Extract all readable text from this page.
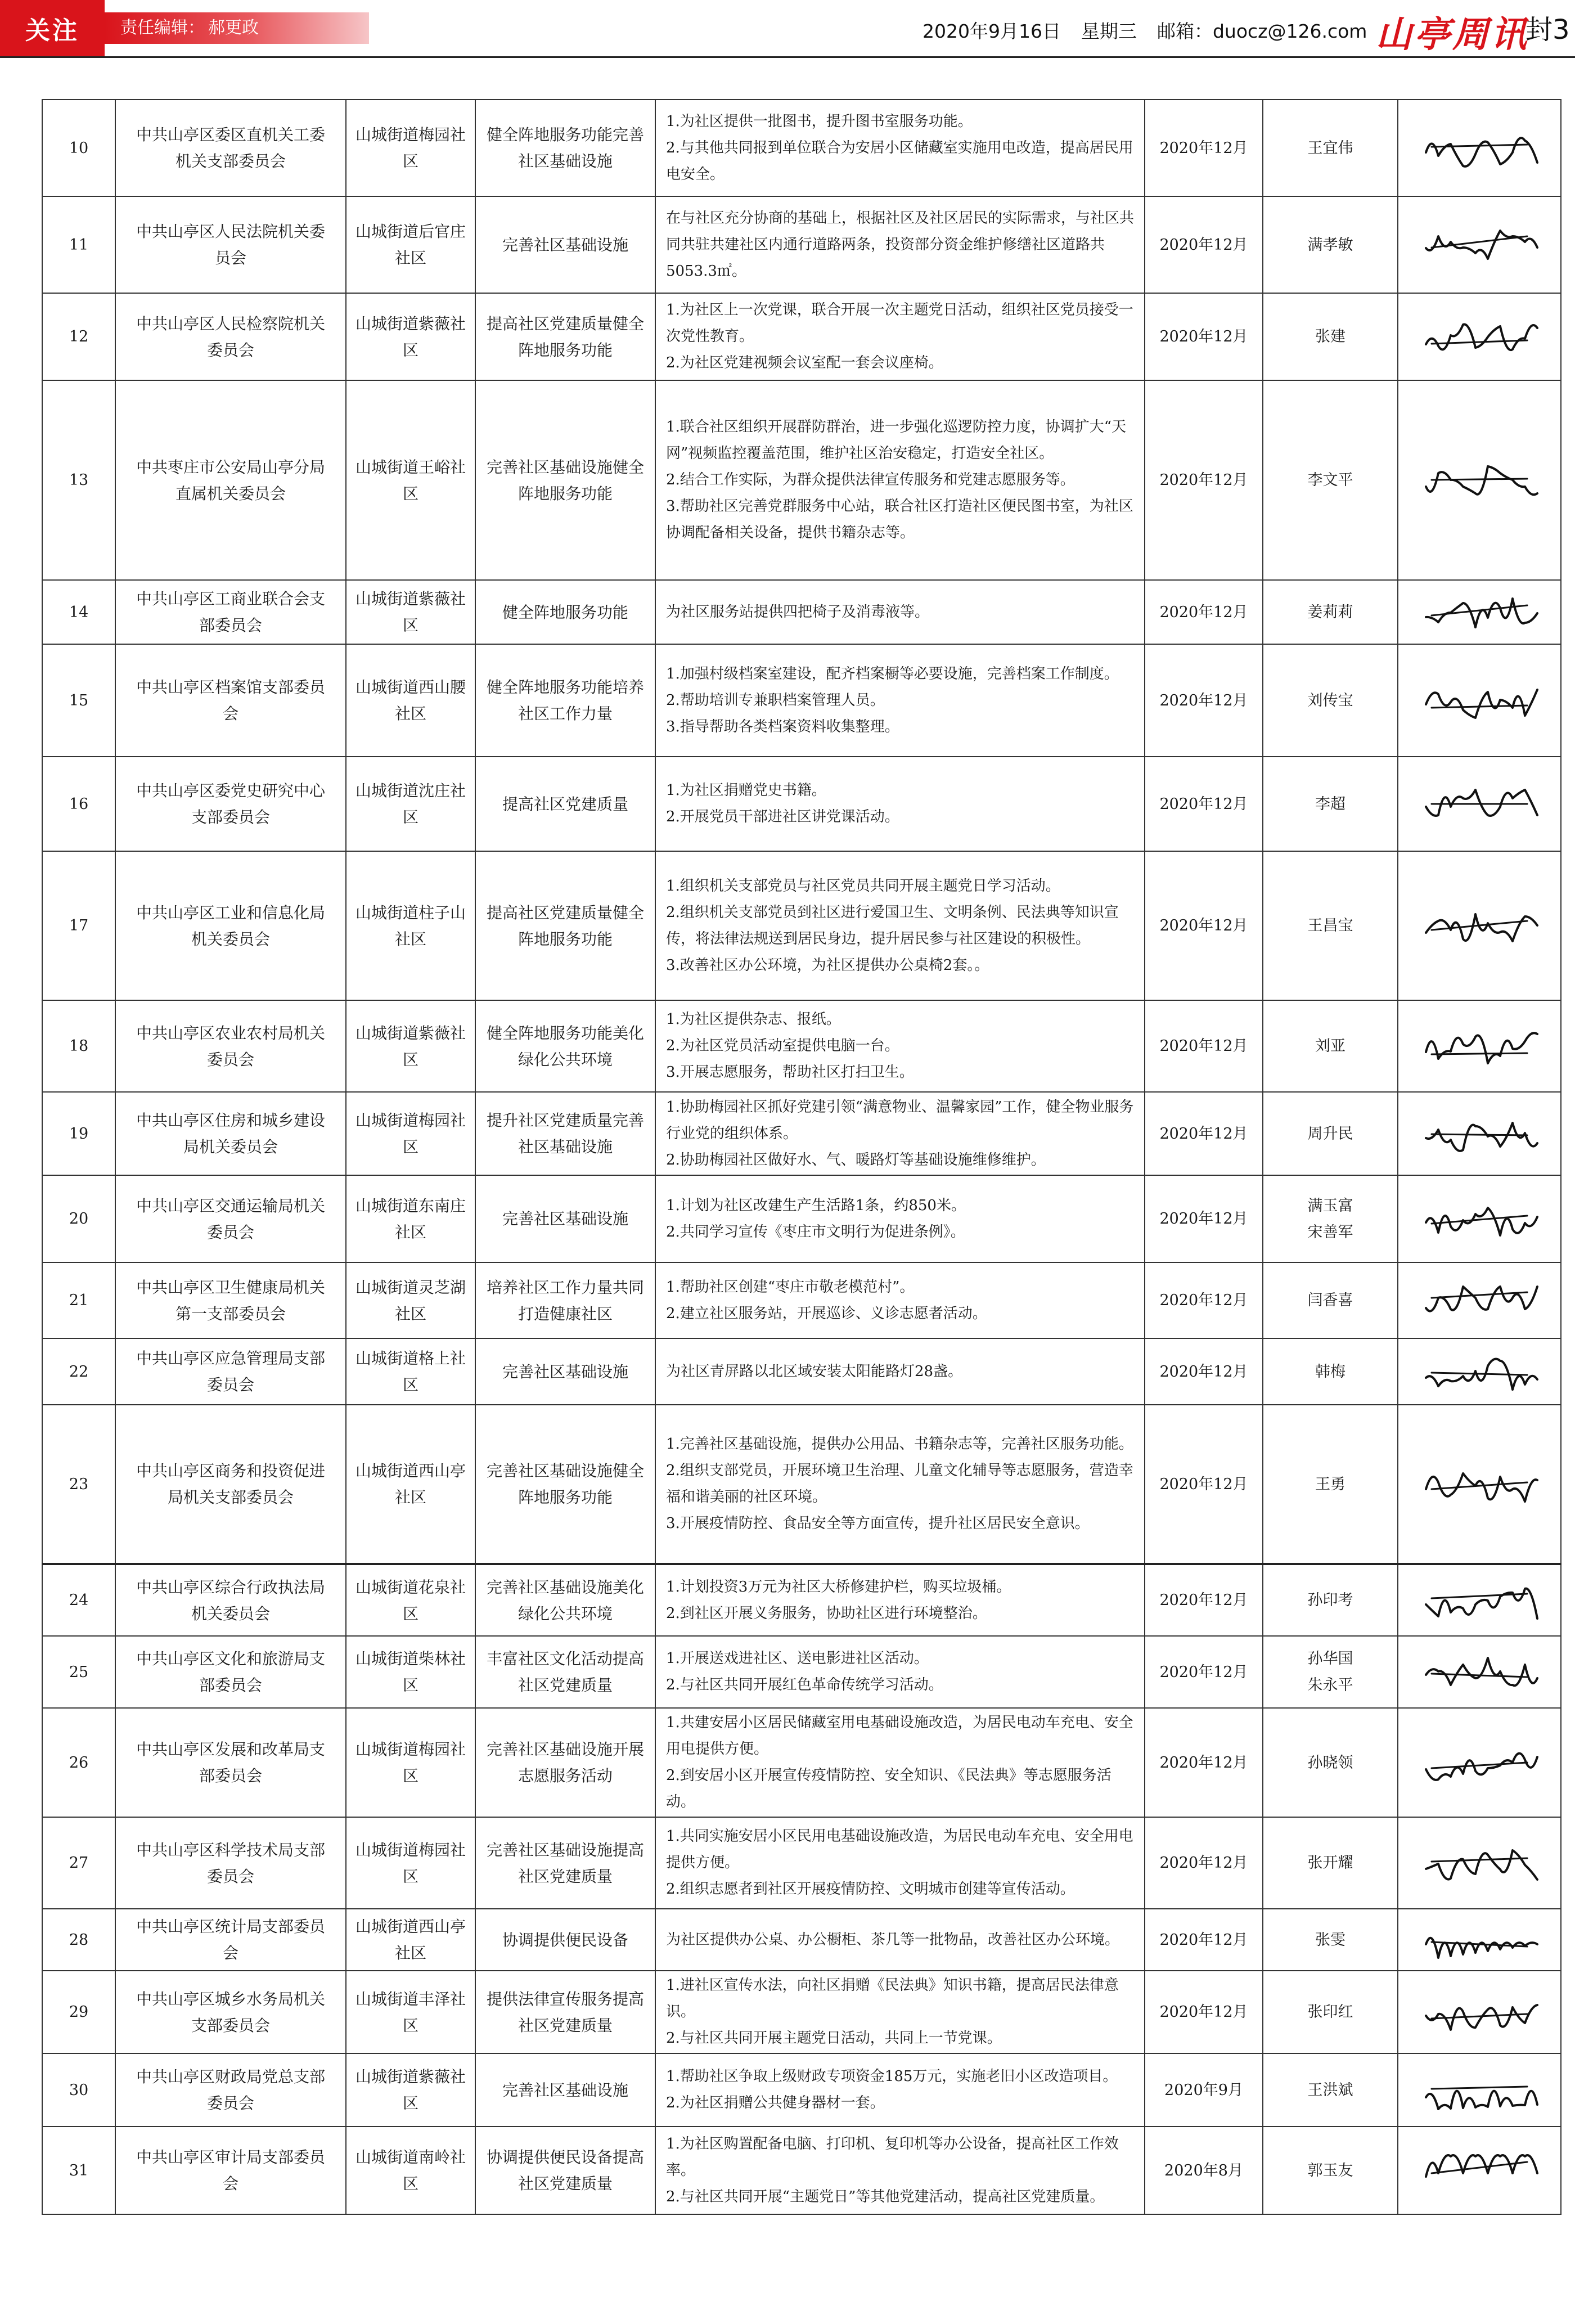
关注	责任编辑： 郝更政	2020年9月16日 星期三 邮箱：duocz@126.com 山亭周讯
封3
10	中共山亭区委区直机关工委机关支部委员会	山城街道梅园社区	健全阵地服务功能完善社区基础设施	1.为社区提供一批图书，提升图书室服务功能。
2.与其他共同报到单位联合为安居小区储藏室实施用电改造，提高居民用电安全。	2020年12月	王宜伟	

11	中共山亭区人民法院机关委员会	山城街道后官庄社区	完善社区基础设施	在与社区充分协商的基础上，根据社区及社区居民的实际需求，与社区共同共驻共建社区内通行道路两条，投资部分资金维护修缮社区道路共5053.3㎡。	2020年12月	满孝敏	

12	中共山亭区人民检察院机关委员会	山城街道紫薇社区	提高社区党建质量健全阵地服务功能	1.为社区上一次党课，联合开展一次主题党日活动，组织社区党员接受一次党性教育。
2.为社区党建视频会议室配一套会议座椅。	2020年12月	张建	

13	中共枣庄市公安局山亭分局直属机关委员会	山城街道王峪社区	完善社区基础设施健全阵地服务功能	1.联合社区组织开展群防群治，进一步强化巡逻防控力度，协调扩大“天网”视频监控覆盖范围，维护社区治安稳定，打造安全社区。
2.结合工作实际，为群众提供法律宣传服务和党建志愿服务等。
3.帮助社区完善党群服务中心站，联合社区打造社区便民图书室，为社区协调配备相关设备，提供书籍杂志等。	2020年12月	李文平	

14	中共山亭区工商业联合会支部委员会	山城街道紫薇社区	健全阵地服务功能	为社区服务站提供四把椅子及消毒液等。	2020年12月	姜莉莉	

15	中共山亭区档案馆支部委员会	山城街道西山腰社区	健全阵地服务功能培养社区工作力量	1.加强村级档案室建设，配齐档案橱等必要设施，完善档案工作制度。
2.帮助培训专兼职档案管理人员。
3.指导帮助各类档案资料收集整理。	2020年12月	刘传宝	

16	中共山亭区委党史研究中心支部委员会	山城街道沈庄社区	提高社区党建质量	1.为社区捐赠党史书籍。
2.开展党员干部进社区讲党课活动。	2020年12月	李超	

17	中共山亭区工业和信息化局机关委员会	山城街道柱子山社区	提高社区党建质量健全阵地服务功能	1.组织机关支部党员与社区党员共同开展主题党日学习活动。
2.组织机关支部党员到社区进行爱国卫生、文明条例、民法典等知识宣传，将法律法规送到居民身边，提升居民参与社区建设的积极性。
3.改善社区办公环境，为社区提供办公桌椅2套。。	2020年12月	王昌宝	

18	中共山亭区农业农村局机关委员会	山城街道紫薇社区	健全阵地服务功能美化绿化公共环境	1.为社区提供杂志、报纸。
2.为社区党员活动室提供电脑一台。
3.开展志愿服务，帮助社区打扫卫生。	2020年12月	刘亚	

19	中共山亭区住房和城乡建设局机关委员会	山城街道梅园社区	提升社区党建质量完善社区基础设施	1.协助梅园社区抓好党建引领“满意物业、温馨家园”工作，健全物业服务行业党的组织体系。
2.协助梅园社区做好水、气、暖路灯等基础设施维修维护。	2020年12月	周升民	

20	中共山亭区交通运输局机关委员会	山城街道东南庄社区	完善社区基础设施	1.计划为社区改建生产生活路1条，约850米。
2.共同学习宣传《枣庄市文明行为促进条例》。	2020年12月	满玉富
宋善军	

21	中共山亭区卫生健康局机关第一支部委员会	山城街道灵芝湖社区	培养社区工作力量共同打造健康社区	1.帮助社区创建“枣庄市敬老模范村”。
2.建立社区服务站，开展巡诊、义诊志愿者活动。	2020年12月	闫香喜	

22	中共山亭区应急管理局支部委员会	山城街道格上社区	完善社区基础设施	为社区青屏路以北区域安装太阳能路灯28盏。	2020年12月	韩梅	

23	中共山亭区商务和投资促进局机关支部委员会	山城街道西山亭社区	完善社区基础设施健全阵地服务功能	1.完善社区基础设施，提供办公用品、书籍杂志等，完善社区服务功能。
2.组织支部党员，开展环境卫生治理、儿童文化辅导等志愿服务，营造幸福和谐美丽的社区环境。
3.开展疫情防控、食品安全等方面宣传，提升社区居民安全意识。	2020年12月	王勇	

24	中共山亭区综合行政执法局机关委员会	山城街道花泉社区	完善社区基础设施美化绿化公共环境	1.计划投资3万元为社区大桥修建护栏，购买垃圾桶。
2.到社区开展义务服务，协助社区进行环境整治。	2020年12月	孙印考	

25	中共山亭区文化和旅游局支部委员会	山城街道柴林社区	丰富社区文化活动提高社区党建质量	1.开展送戏进社区、送电影进社区活动。
2.与社区共同开展红色革命传统学习活动。	2020年12月	孙华国
朱永平	

26	中共山亭区发展和改革局支部委员会	山城街道梅园社区	完善社区基础设施开展志愿服务活动	1.共建安居小区居民储藏室用电基础设施改造，为居民电动车充电、安全用电提供方便。
2.到安居小区开展宣传疫情防控、安全知识、《民法典》等志愿服务活动。	2020年12月	孙晓领	

27	中共山亭区科学技术局支部委员会	山城街道梅园社区	完善社区基础设施提高社区党建质量	1.共同实施安居小区民用电基础设施改造，为居民电动车充电、安全用电提供方便。
2.组织志愿者到社区开展疫情防控、文明城市创建等宣传活动。	2020年12月	张开耀	

28	中共山亭区统计局支部委员会	山城街道西山亭社区	协调提供便民设备	为社区提供办公桌、办公橱柜、茶几等一批物品，改善社区办公环境。	2020年12月	张雯	

29	中共山亭区城乡水务局机关支部委员会	山城街道丰泽社区	提供法律宣传服务提高社区党建质量	1.进社区宣传水法，向社区捐赠《民法典》知识书籍，提高居民法律意识。
2.与社区共同开展主题党日活动，共同上一节党课。	2020年12月	张印红	

30	中共山亭区财政局党总支部委员会	山城街道紫薇社区	完善社区基础设施	1.帮助社区争取上级财政专项资金185万元，实施老旧小区改造项目。
2.为社区捐赠公共健身器材一套。	2020年9月	王洪斌	

31	中共山亭区审计局支部委员会	山城街道南岭社区	协调提供便民设备提高社区党建质量	1.为社区购置配备电脑、打印机、复印机等办公设备，提高社区工作效率。
2.与社区共同开展“主题党日”等其他党建活动，提高社区党建质量。	2020年8月	郭玉友	
